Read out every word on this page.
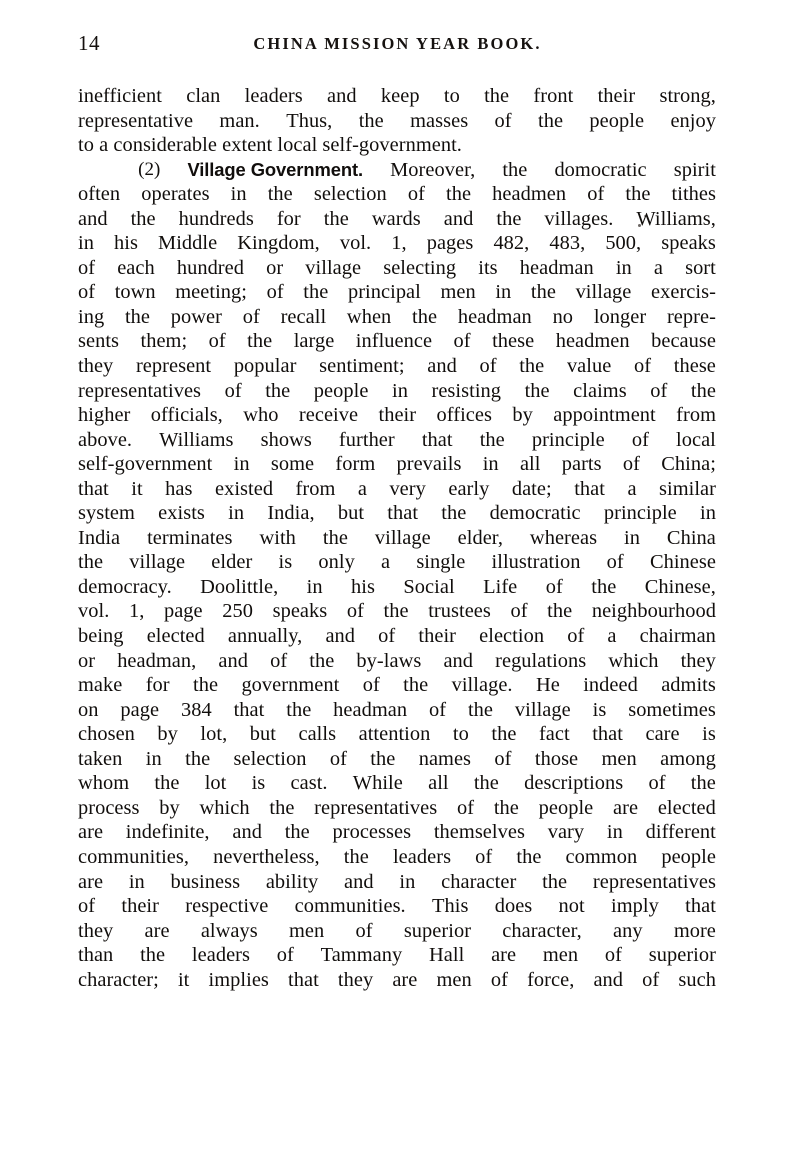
14	CHINA MISSION YEAR BOOK.
inefficient clan leaders and keep to the front their strong,
representative man. Thus, the masses of the people enjoy
to a considerable extent local self-government.
(2) Village Government. Moreover, the domocratic spirit
often operates in the selection of the headmen of the tithes
and the hundreds for the wards and the villages. Williams,
in his Middle Kingdom, vol. 1, pages 482, 483, 500, speaks
of each hundred or village selecting its headman in a sort
of town meeting; of the principal men in the village exercis-
ing the power of recall when the headman no longer repre-
sents them; of the large influence of these headmen because
they represent popular sentiment; and of the value of these
representatives of the people in resisting the claims of the
higher officials, who receive their offices by appointment from
above. Williams shows further that the principle of local
self-government in some form prevails in all parts of China;
that it has existed from a very early date; that a similar
system exists in India, but that the democratic principle in
India terminates with the village elder, whereas in China
the village elder is only a single illustration of Chinese
democracy. Doolittle, in his Social Life of the Chinese,
vol. 1, page 250 speaks of the trustees of the neighbourhood
being elected annually, and of their election of a chairman
or headman, and of the by-laws and regulations which they
make for the government of the village. He indeed admits
on page 384 that the headman of the village is sometimes
chosen by lot, but calls attention to the fact that care is
taken in the selection of the names of those men among
whom the lot is cast. While all the descriptions of the
process by which the representatives of the people are elected
are indefinite, and the processes themselves vary in different
communities, nevertheless, the leaders of the common people
are in business ability and in character the representatives
of their respective communities. This does not imply that
they are always men of superior character, any more
than the leaders of Tammany Hall are men of superior
character; it implies that they are men of force, and of such
